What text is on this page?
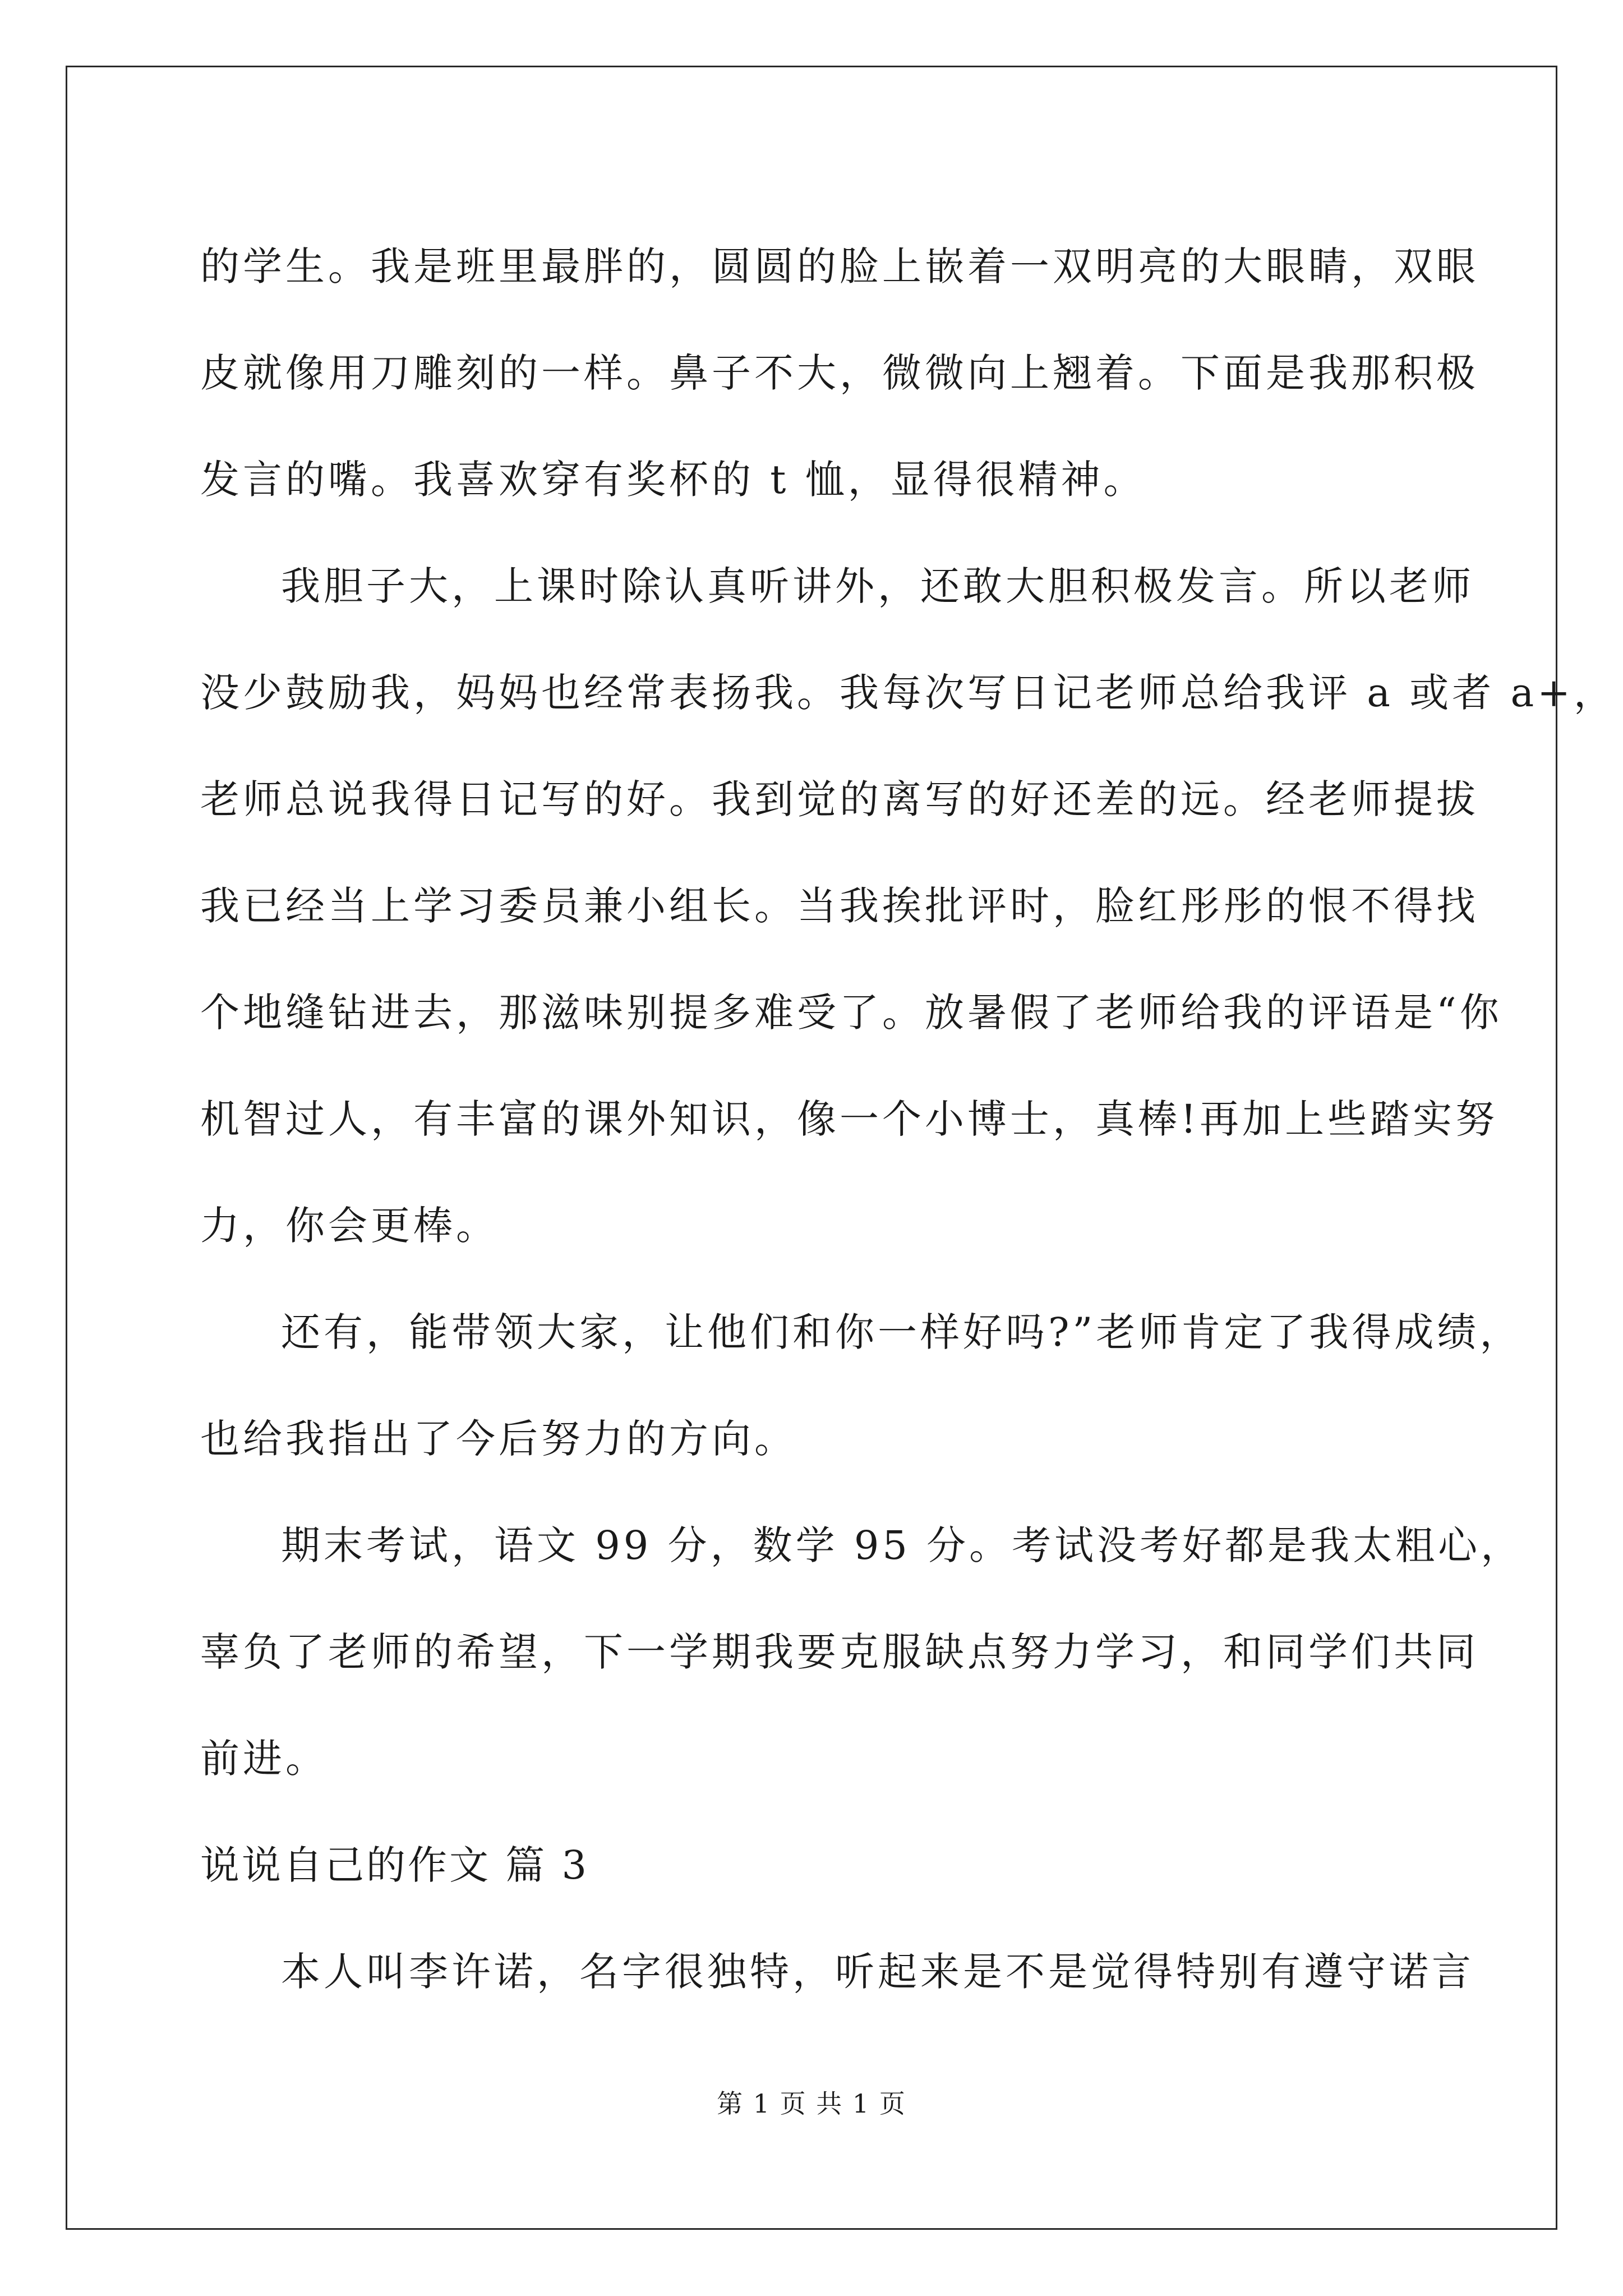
的学生。我是班里最胖的，圆圆的脸上嵌着一双明亮的大眼睛，双眼
皮就像用刀雕刻的一样。鼻子不大，微微向上翘着。下面是我那积极
发言的嘴。我喜欢穿有奖杯的 t 恤，显得很精神。
我胆子大，上课时除认真听讲外，还敢大胆积极发言。所以老师
没少鼓励我，妈妈也经常表扬我。我每次写日记老师总给我评 a 或者 a+，
老师总说我得日记写的好。我到觉的离写的好还差的远。经老师提拔
我已经当上学习委员兼小组长。当我挨批评时，脸红彤彤的恨不得找
个地缝钻进去，那滋味别提多难受了。放暑假了老师给我的评语是“你
机智过人，有丰富的课外知识，像一个小博士，真棒!再加上些踏实努
力，你会更棒。
还有，能带领大家，让他们和你一样好吗?”老师肯定了我得成绩，
也给我指出了今后努力的方向。
期末考试，语文 99 分，数学 95 分。考试没考好都是我太粗心，
辜负了老师的希望，下一学期我要克服缺点努力学习，和同学们共同
前进。
说说自己的作文 篇 3
本人叫李许诺，名字很独特，听起来是不是觉得特别有遵守诺言
第 1 页 共 1 页
